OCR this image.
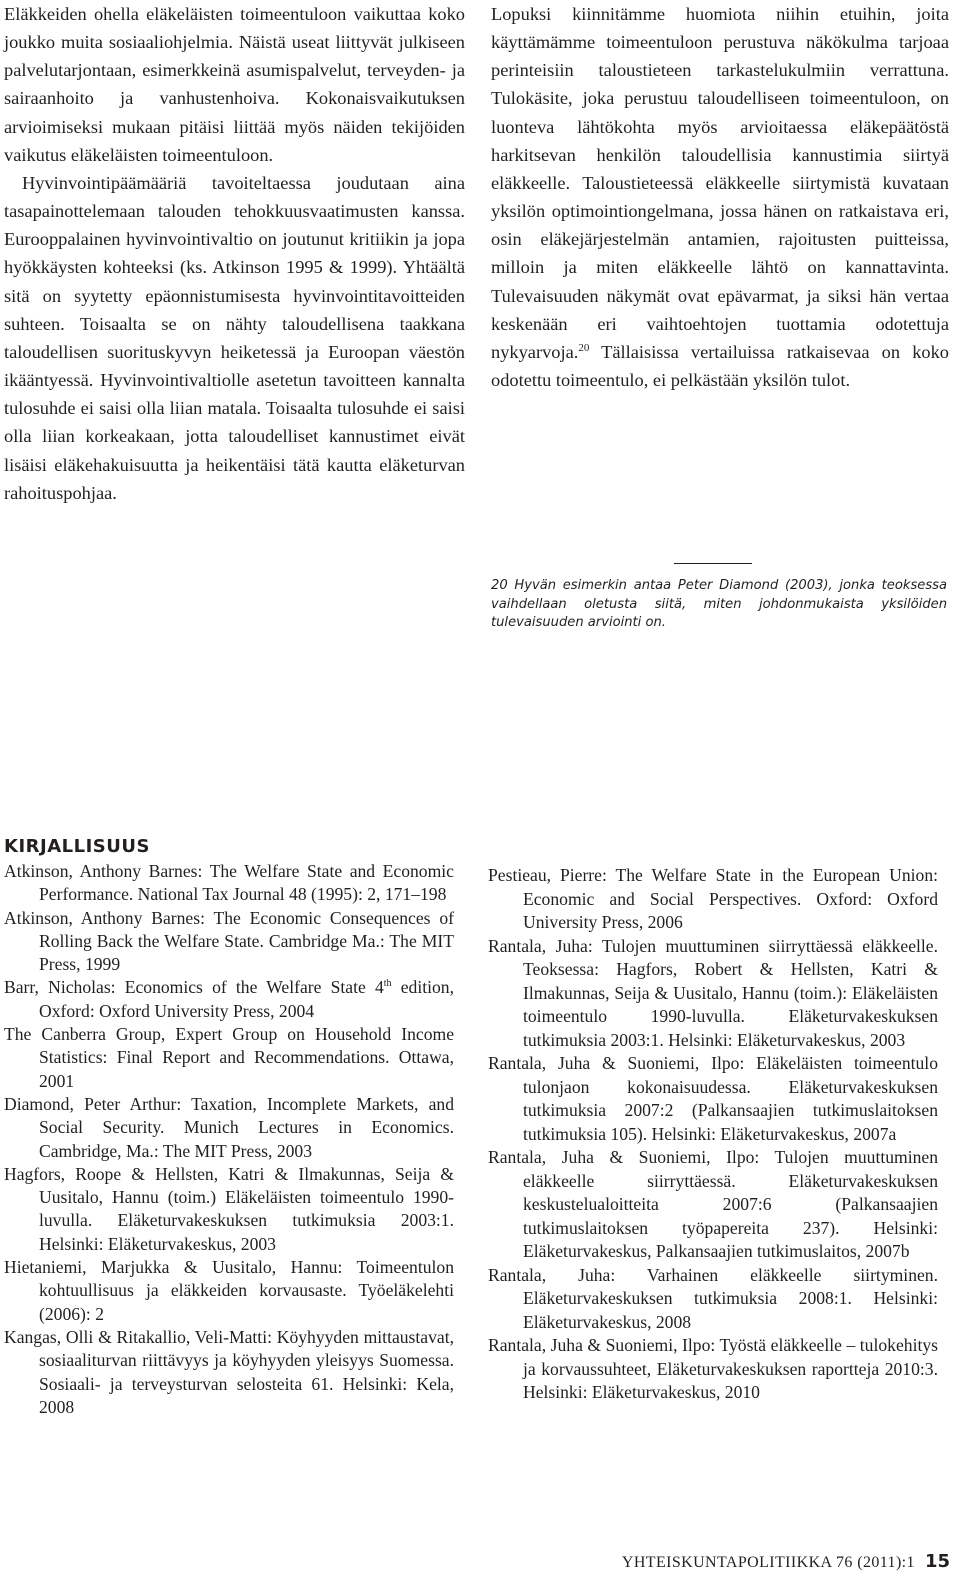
Eläkkeiden ohella eläkeläisten toimeentuloon vaikuttaa koko joukko muita sosiaaliohjelmia. Näistä useat liittyvät julkiseen palvelutarjontaan, esimerkkeinä asumispalvelut, terveyden- ja sairaanhoito ja vanhustenhoiva. Kokonaisvaikutuksen arvioimiseksi mukaan pitäisi liittää myös näiden tekijöiden vaikutus eläkeläisten toimeentuloon.

Hyvinvointipäämääriä tavoiteltaessa joudutaan aina tasapainottelemaan talouden tehokkuusvaatimusten kanssa. Eurooppalainen hyvinvointivaltio on joutunut kritiikin ja jopa hyökkäysten kohteeksi (ks. Atkinson 1995 & 1999). Yhtäältä sitä on syytetty epäonnistumisesta hyvinvointitavoitteiden suhteen. Toisaalta se on nähty taloudellisena taakkana taloudellisen suorituskyvyn heiketessä ja Euroopan väestön ikääntyessä. Hyvinvointivaltiolle asetetun tavoitteen kannalta tulosuhde ei saisi olla liian matala. Toisaalta tulosuhde ei saisi olla liian korkeakaan, jotta taloudelliset kannustimet eivät lisäisi eläkehakuisuutta ja heikentäisi tätä kautta eläketurvan rahoituspohjaa.

Lopuksi kiinnitämme huomiota niihin etuihin, joita käyttämämme toimeentuloon perustuva näkökulma tarjoaa perinteisiin taloustieteen tarkastelukulmiin verrattuna. Tulokäsite, joka perustuu taloudelliseen toimeentuloon, on luonteva lähtökohta myös arvioitaessa eläkepäätöstä harkitsevan henkilön taloudellisia kannustimia siirtyä eläkkeelle. Taloustieteessä eläkkeelle siirtymistä kuvataan yksilön optimointiongelmana, jossa hänen on ratkaistava eri, osin eläkejärjestelmän antamien, rajoitusten puitteissa, milloin ja miten eläkkeelle lähtö on kannattavinta. Tulevaisuuden näkymät ovat epävarmat, ja siksi hän vertaa keskenään eri vaihtoehtojen tuottamia odotettuja nykyarvoja.$^{20}$ Tällaisissa vertailuissa ratkaisevaa on koko odotettu toimeentulo, ei pelkästään yksilön tulot.

20 Hyvän esimerkin antaa Peter Diamond (2003), jonka teoksessa vaihdellaan oletusta siitä, miten johdonmukaista yksilöiden tulevaisuuden arviointi on.

KIRJALLISUUS

Atkinson, Anthony Barnes: The Welfare State and Economic Performance. National Tax Journal 48 (1995): 2, 171–198

Atkinson, Anthony Barnes: The Economic Consequences of Rolling Back the Welfare State. Cambridge Ma.: The MIT Press, 1999

Barr, Nicholas: Economics of the Welfare State 4th edition, Oxford: Oxford University Press, 2004

The Canberra Group, Expert Group on Household Income Statistics: Final Report and Recommendations. Ottawa, 2001

Diamond, Peter Arthur: Taxation, Incomplete Markets, and Social Security. Munich Lectures in Economics. Cambridge, Ma.: The MIT Press, 2003

Hagfors, Roope & Hellsten, Katri & Ilmakunnas, Seija & Uusitalo, Hannu (toim.) Eläkeläisten toimeentulo 1990-luvulla. Eläketurvakeskuksen tutkimuksia 2003:1. Helsinki: Eläketurvakeskus, 2003

Hietaniemi, Marjukka & Uusitalo, Hannu: Toimeentulon kohtuullisuus ja eläkkeiden korvausaste. Työeläkelehti (2006): 2

Kangas, Olli & Ritakallio, Veli-Matti: Köyhyyden mittaustavat, sosiaaliturvan riittävyys ja köyhyyden yleisyys Suomessa. Sosiaali- ja terveysturvan selosteita 61. Helsinki: Kela, 2008

Pestieau, Pierre: The Welfare State in the European Union: Economic and Social Perspectives. Oxford: Oxford University Press, 2006

Rantala, Juha: Tulojen muuttuminen siirryttäessä eläkkeelle. Teoksessa: Hagfors, Robert & Hellsten, Katri & Ilmakunnas, Seija & Uusitalo, Hannu (toim.): Eläkeläisten toimeentulo 1990-luvulla. Eläketurvakeskuksen tutkimuksia 2003:1. Helsinki: Eläketurvakeskus, 2003

Rantala, Juha & Suoniemi, Ilpo: Eläkeläisten toimeentulo tulonjaon kokonaisuudessa. Eläketurvakeskuksen tutkimuksia 2007:2 (Palkansaajien tutkimuslaitoksen tutkimuksia 105). Helsinki: Eläketurvakeskus, 2007a

Rantala, Juha & Suoniemi, Ilpo: Tulojen muuttuminen eläkkeelle siirryttäessä. Eläketurvakeskuksen keskustelualoitteita 2007:6 (Palkansaajien tutkimuslaitoksen työpapereita 237). Helsinki: Eläketurvakeskus, Palkansaajien tutkimuslaitos, 2007b

Rantala, Juha: Varhainen eläkkeelle siirtyminen. Eläketurvakeskuksen tutkimuksia 2008:1. Helsinki: Eläketurvakeskus, 2008

Rantala, Juha & Suoniemi, Ilpo: Työstä eläkkeelle – tulokehitys ja korvaussuhteet, Eläketurvakeskuksen raportteja 2010:3. Helsinki: Eläketurvakeskus, 2010

YHTEISKUNTAPOLITIIKKA 76 (2011):1 15
